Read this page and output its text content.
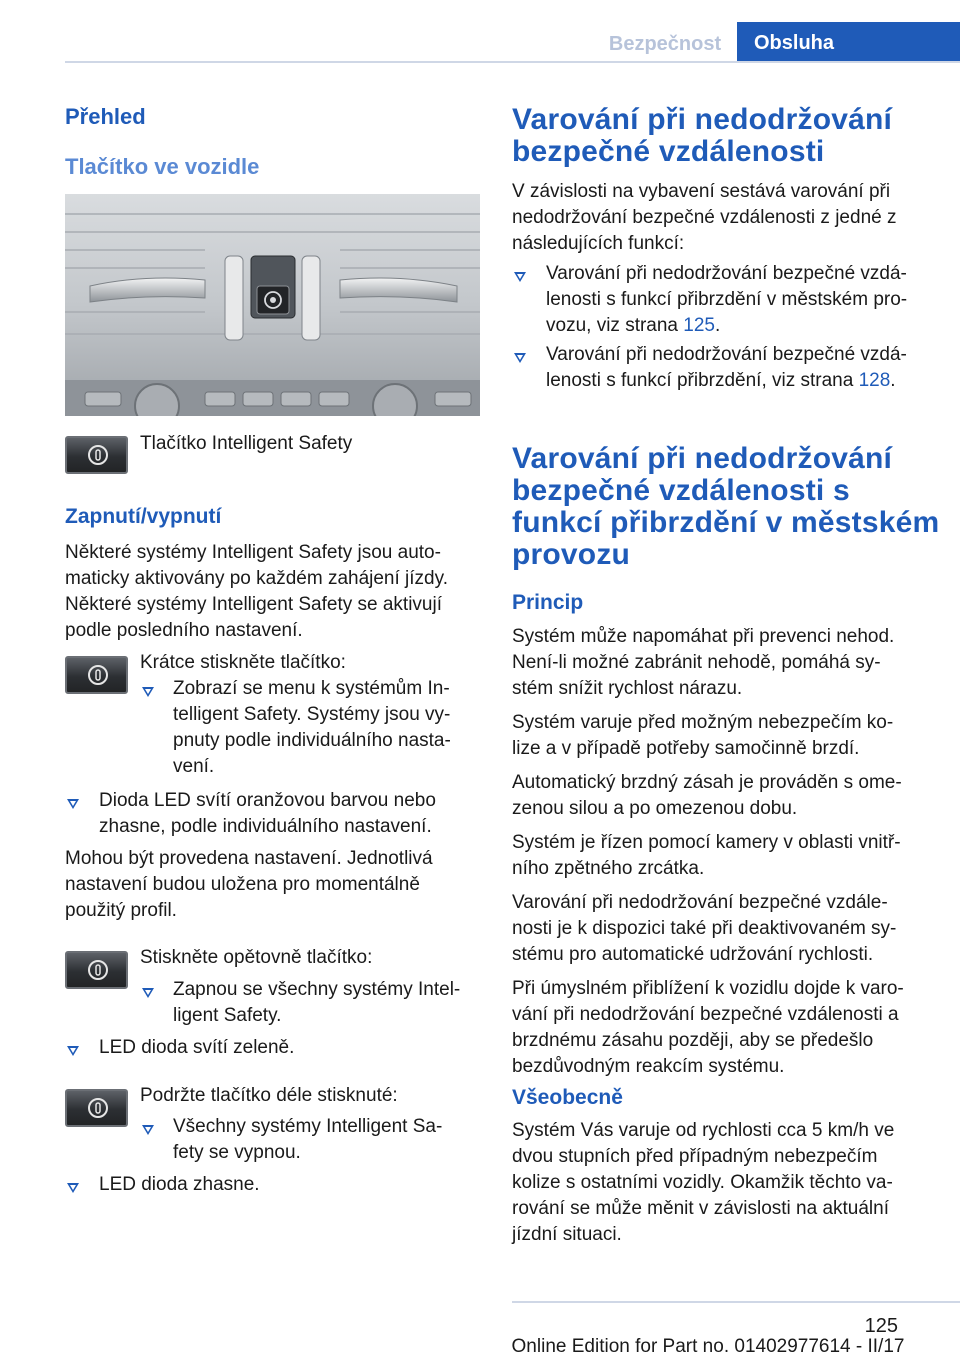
Bezpečnost	Obsluha
Přehled
Tlačítko ve vozidle
Tlačítko Intelligent Safety
Zapnutí/vypnutí

Některé systémy Intelligent Safety jsou auto‐

maticky aktivovány po každém zahájení jízdy.

Některé systémy Intelligent Safety se aktivují

podle posledního nastavení.

Krátce stiskněte tlačítko:

Zobrazí se menu k systémům In‐

telligent Safety. Systémy jsou vy‐

pnuty podle individuálního nasta‐

vení.

Dioda LED svítí oranžovou barvou nebo

zhasne, podle individuálního nastavení.

Mohou být provedena nastavení. Jednotlivá

nastavení budou uložena pro momentálně

použitý profil.

Stiskněte opětovně tlačítko:

Zapnou se všechny systémy Intel‐

ligent Safety.

LED dioda svítí zeleně.

Podržte tlačítko déle stisknuté:

Všechny systémy Intelligent Sa‐

fety se vypnou.

LED dioda zhasne.

Varování při nedodržování
bezpečné vzdálenosti

V závislosti na vybavení sestává varování při

nedodržování bezpečné vzdálenosti z jedné z

následujících funkcí:

Varování při nedodržování bezpečné vzdá‐

lenosti s funkcí přibrzdění v městském pro‐

vozu, viz strana 125.

Varování při nedodržování bezpečné vzdá‐

lenosti s funkcí přibrzdění, viz strana 128.

Varování při nedodržování
bezpečné vzdálenosti s
funkcí přibrzdění v městském
provozu
Princip

Systém může napomáhat při prevenci nehod.

Není-li možné zabránit nehodě, pomáhá sy‐

stém snížit rychlost nárazu.

Systém varuje před možným nebezpečím ko‐

lize a v případě potřeby samočinně brzdí.

Automatický brzdný zásah je prováděn s ome‐

zenou silou a po omezenou dobu.

Systém je řízen pomocí kamery v oblasti vnitř‐

ního zpětného zrcátka.

Varování při nedodržování bezpečné vzdále‐

nosti je k dispozici také při deaktivovaném sy‐

stému pro automatické udržování rychlosti.

Při úmyslném přiblížení k vozidlu dojde k varo‐

vání při nedodržování bezpečné vzdálenosti a

brzdnému zásahu později, aby se předešlo

bezdůvodným reakcím systému.

Všeobecně

Systém Vás varuje od rychlosti cca 5 km/h ve

dvou stupních před případným nebezpečím

kolize s ostatními vozidly. Okamžik těchto va‐

rování se může měnit v závislosti na aktuální

jízdní situaci.

125
Online Edition for Part no. 01402977614 - II/17
